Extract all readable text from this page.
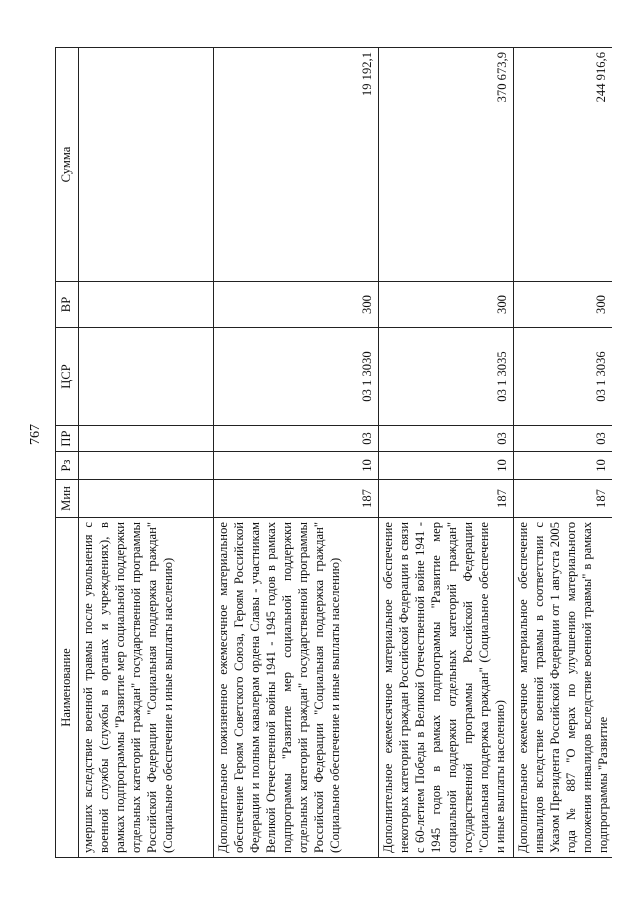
767
Наименование	Мин	Рз	ПР	ЦСР	ВР	Сумма
умерших вследствие военной травмы после увольнения с военной службы (службы в органах и учреждениях), в рамках подпрограммы "Развитие мер социальной поддержки отдельных категорий граждан" государственной программы Российской Федерации "Социальная поддержка граждан" (Социальное обеспечение и иные выплаты населению)						
Дополнительное пожизненное ежемесячное материальное обеспечение Героям Советского Союза, Героям Российской Федерации и полным кавалерам ордена Славы - участникам Великой Отечественной войны 1941 - 1945 годов в рамках подпрограммы "Развитие мер социальной поддержки отдельных категорий граждан" государственной программы Российской Федерации "Социальная поддержка граждан" (Социальное обеспечение и иные выплаты населению)	187	10	03	03 1 3030	300	19 192,1
Дополнительное ежемесячное материальное обеспечение некоторых категорий граждан Российской Федерации в связи с 60-летием Победы в Великой Отечественной войне 1941 - 1945 годов в рамках подпрограммы "Развитие мер социальной поддержки отдельных категорий граждан" государственной программы Российской Федерации "Социальная поддержка граждан" (Социальное обеспечение и иные выплаты населению)	187	10	03	03 1 3035	300	370 673,9
Дополнительное ежемесячное материальное обеспечение инвалидов вследствие военной травмы в соответствии с Указом Президента Российской Федерации от 1 августа 2005 года № 887 "О мерах по улучшению материального положения инвалидов вследствие военной травмы" в рамках подпрограммы "Развитие	187	10	03	03 1 3036	300	244 916,6
